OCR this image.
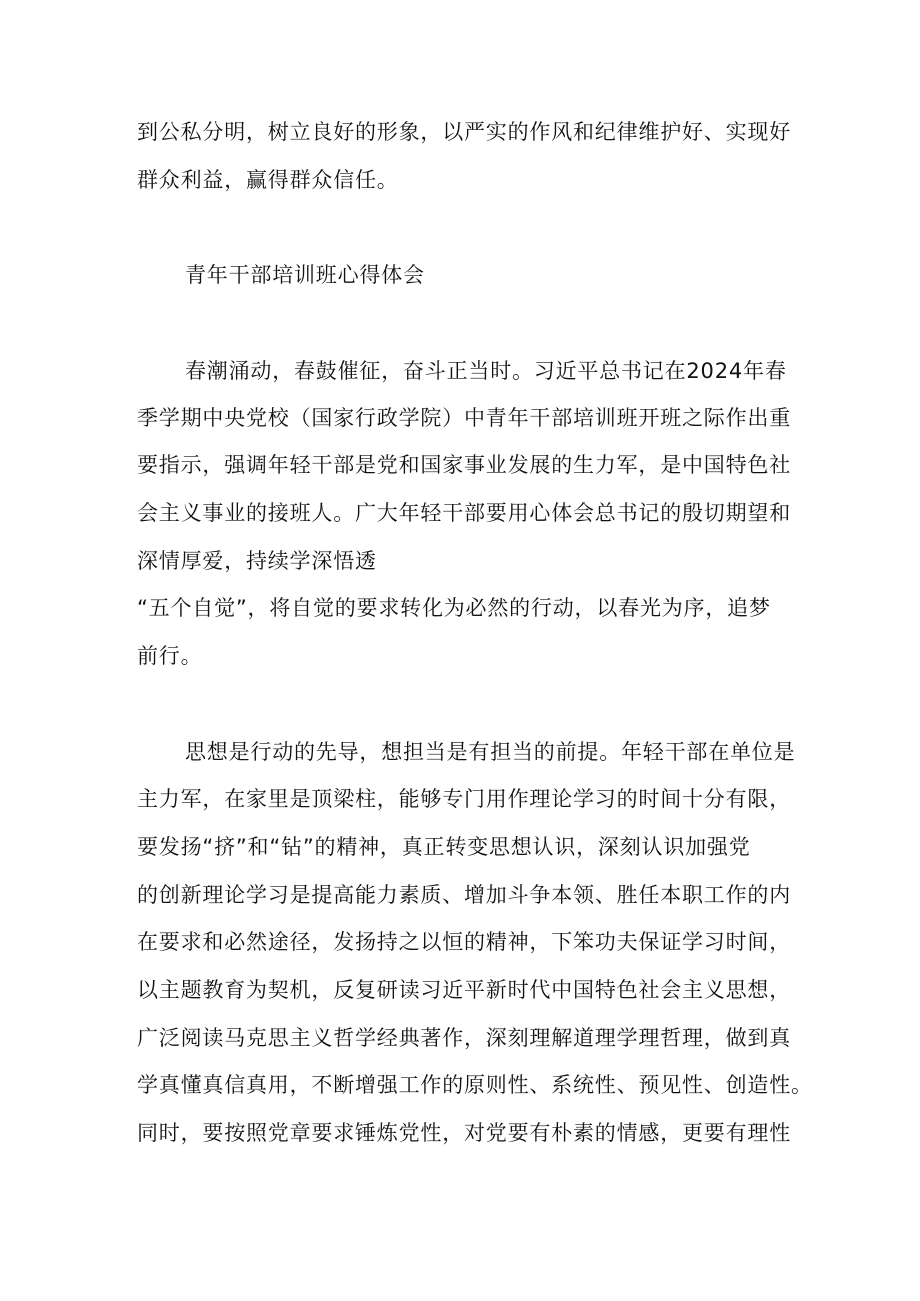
到公私分明，树立良好的形象，以严实的作风和纪律维护好、实现好

群众利益，赢得群众信任。

青年干部培训班心得体会

春潮涌动，春鼓催征，奋斗正当时。习近平总书记在2024年春

季学期中央党校（国家行政学院）中青年干部培训班开班之际作出重

要指示，强调年轻干部是党和国家事业发展的生力军，是中国特色社

会主义事业的接班人。广大年轻干部要用心体会总书记的殷切期望和

深情厚爱，持续学深悟透

“五个自觉”，将自觉的要求转化为必然的行动，以春光为序，追梦

前行。

思想是行动的先导，想担当是有担当的前提。年轻干部在单位是

主力军，在家里是顶梁柱，能够专门用作理论学习的时间十分有限，

要发扬“挤”和“钻”的精神，真正转变思想认识，深刻认识加强党

的创新理论学习是提高能力素质、增加斗争本领、胜任本职工作的内

在要求和必然途径，发扬持之以恒的精神，下笨功夫保证学习时间，

以主题教育为契机，反复研读习近平新时代中国特色社会主义思想，

广泛阅读马克思主义哲学经典著作，深刻理解道理学理哲理，做到真

学真懂真信真用，不断增强工作的原则性、系统性、预见性、创造性。

同时，要按照党章要求锤炼党性，对党要有朴素的情感，更要有理性
